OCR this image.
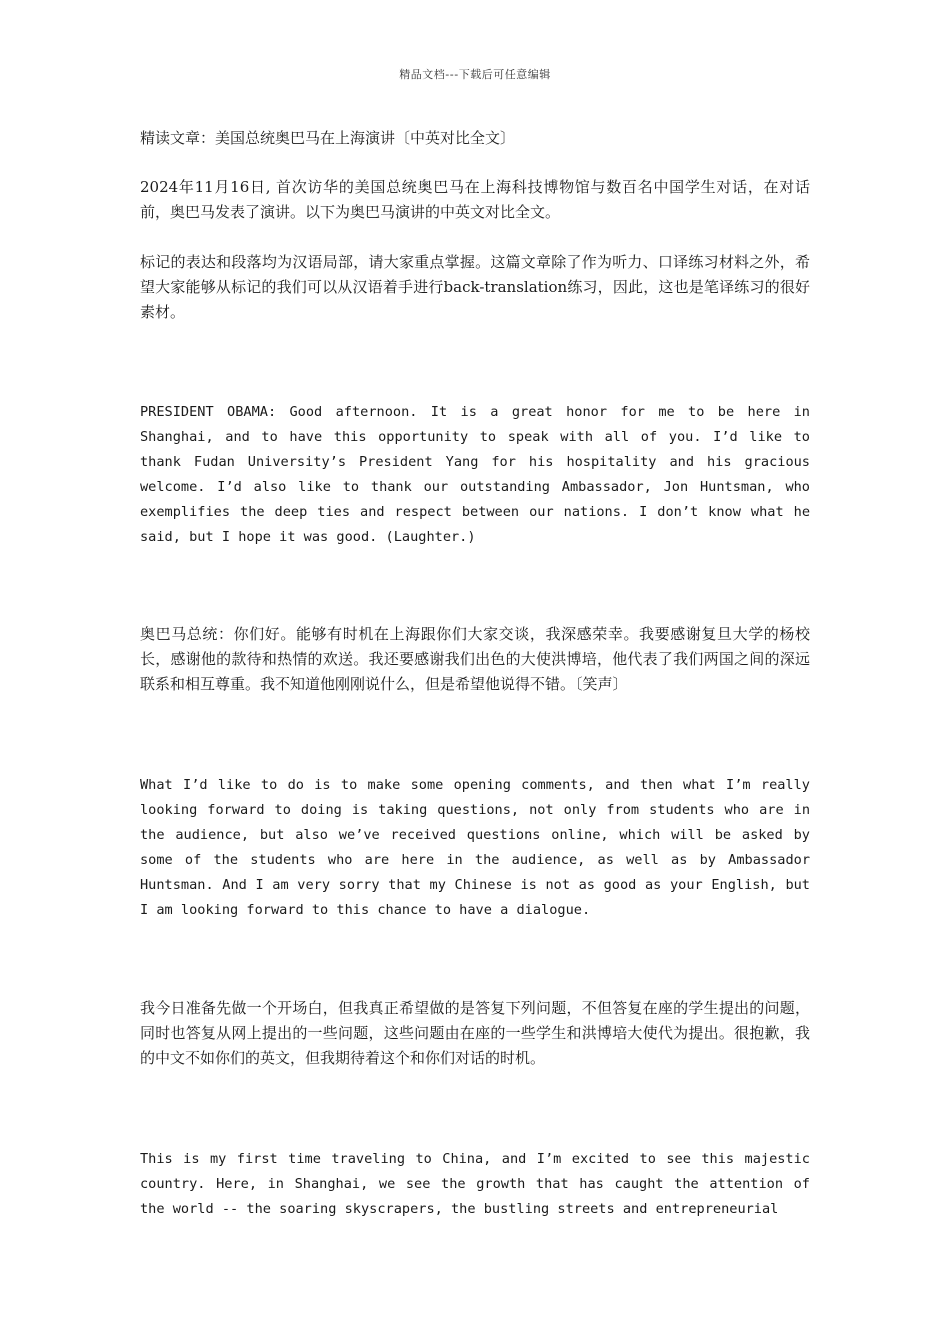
精品文档---下载后可任意编辑

精读文章：美国总统奥巴马在上海演讲〔中英对比全文〕

2024年11月16日, 首次访华的美国总统奥巴马在上海科技博物馆与数百名中国学生对话，在对话前，奥巴马发表了演讲。以下为奥巴马演讲的中英文对比全文。

标记的表达和段落均为汉语局部，请大家重点掌握。这篇文章除了作为听力、口译练习材料之外，希望大家能够从标记的我们可以从汉语着手进行back-translation练习，因此，这也是笔译练习的很好素材。

PRESIDENT OBAMA: Good afternoon. It is a great honor for me to be here in Shanghai, and to have this opportunity to speak with all of you. I’d like to thank Fudan University’s President Yang for his hospitality and his gracious welcome. I’d also like to thank our outstanding Ambassador, Jon Huntsman, who exemplifies the deep ties and respect between our nations. I don’t know what he said, but I hope it was good. (Laughter.)

奥巴马总统：你们好。能够有时机在上海跟你们大家交谈，我深感荣幸。我要感谢复旦大学的杨校长，感谢他的款待和热情的欢送。我还要感谢我们出色的大使洪博培，他代表了我们两国之间的深远联系和相互尊重。我不知道他刚刚说什么，但是希望他说得不错。〔笑声〕

What I’d like to do is to make some opening comments, and then what I’m really looking forward to doing is taking questions, not only from students who are in the audience, but also we’ve received questions online, which will be asked by some of the students who are here in the audience, as well as by Ambassador Huntsman. And I am very sorry that my Chinese is not as good as your English, but I am looking forward to this chance to have a dialogue.

我今日准备先做一个开场白，但我真正希望做的是答复下列问题，不但答复在座的学生提出的问题，同时也答复从网上提出的一些问题，这些问题由在座的一些学生和洪博培大使代为提出。很抱歉，我的中文不如你们的英文，但我期待着这个和你们对话的时机。

This is my first time traveling to China, and I’m excited to see this majestic country. Here, in Shanghai, we see the growth that has caught the attention of the world -- the soaring skyscrapers, the bustling streets and entrepreneurial
